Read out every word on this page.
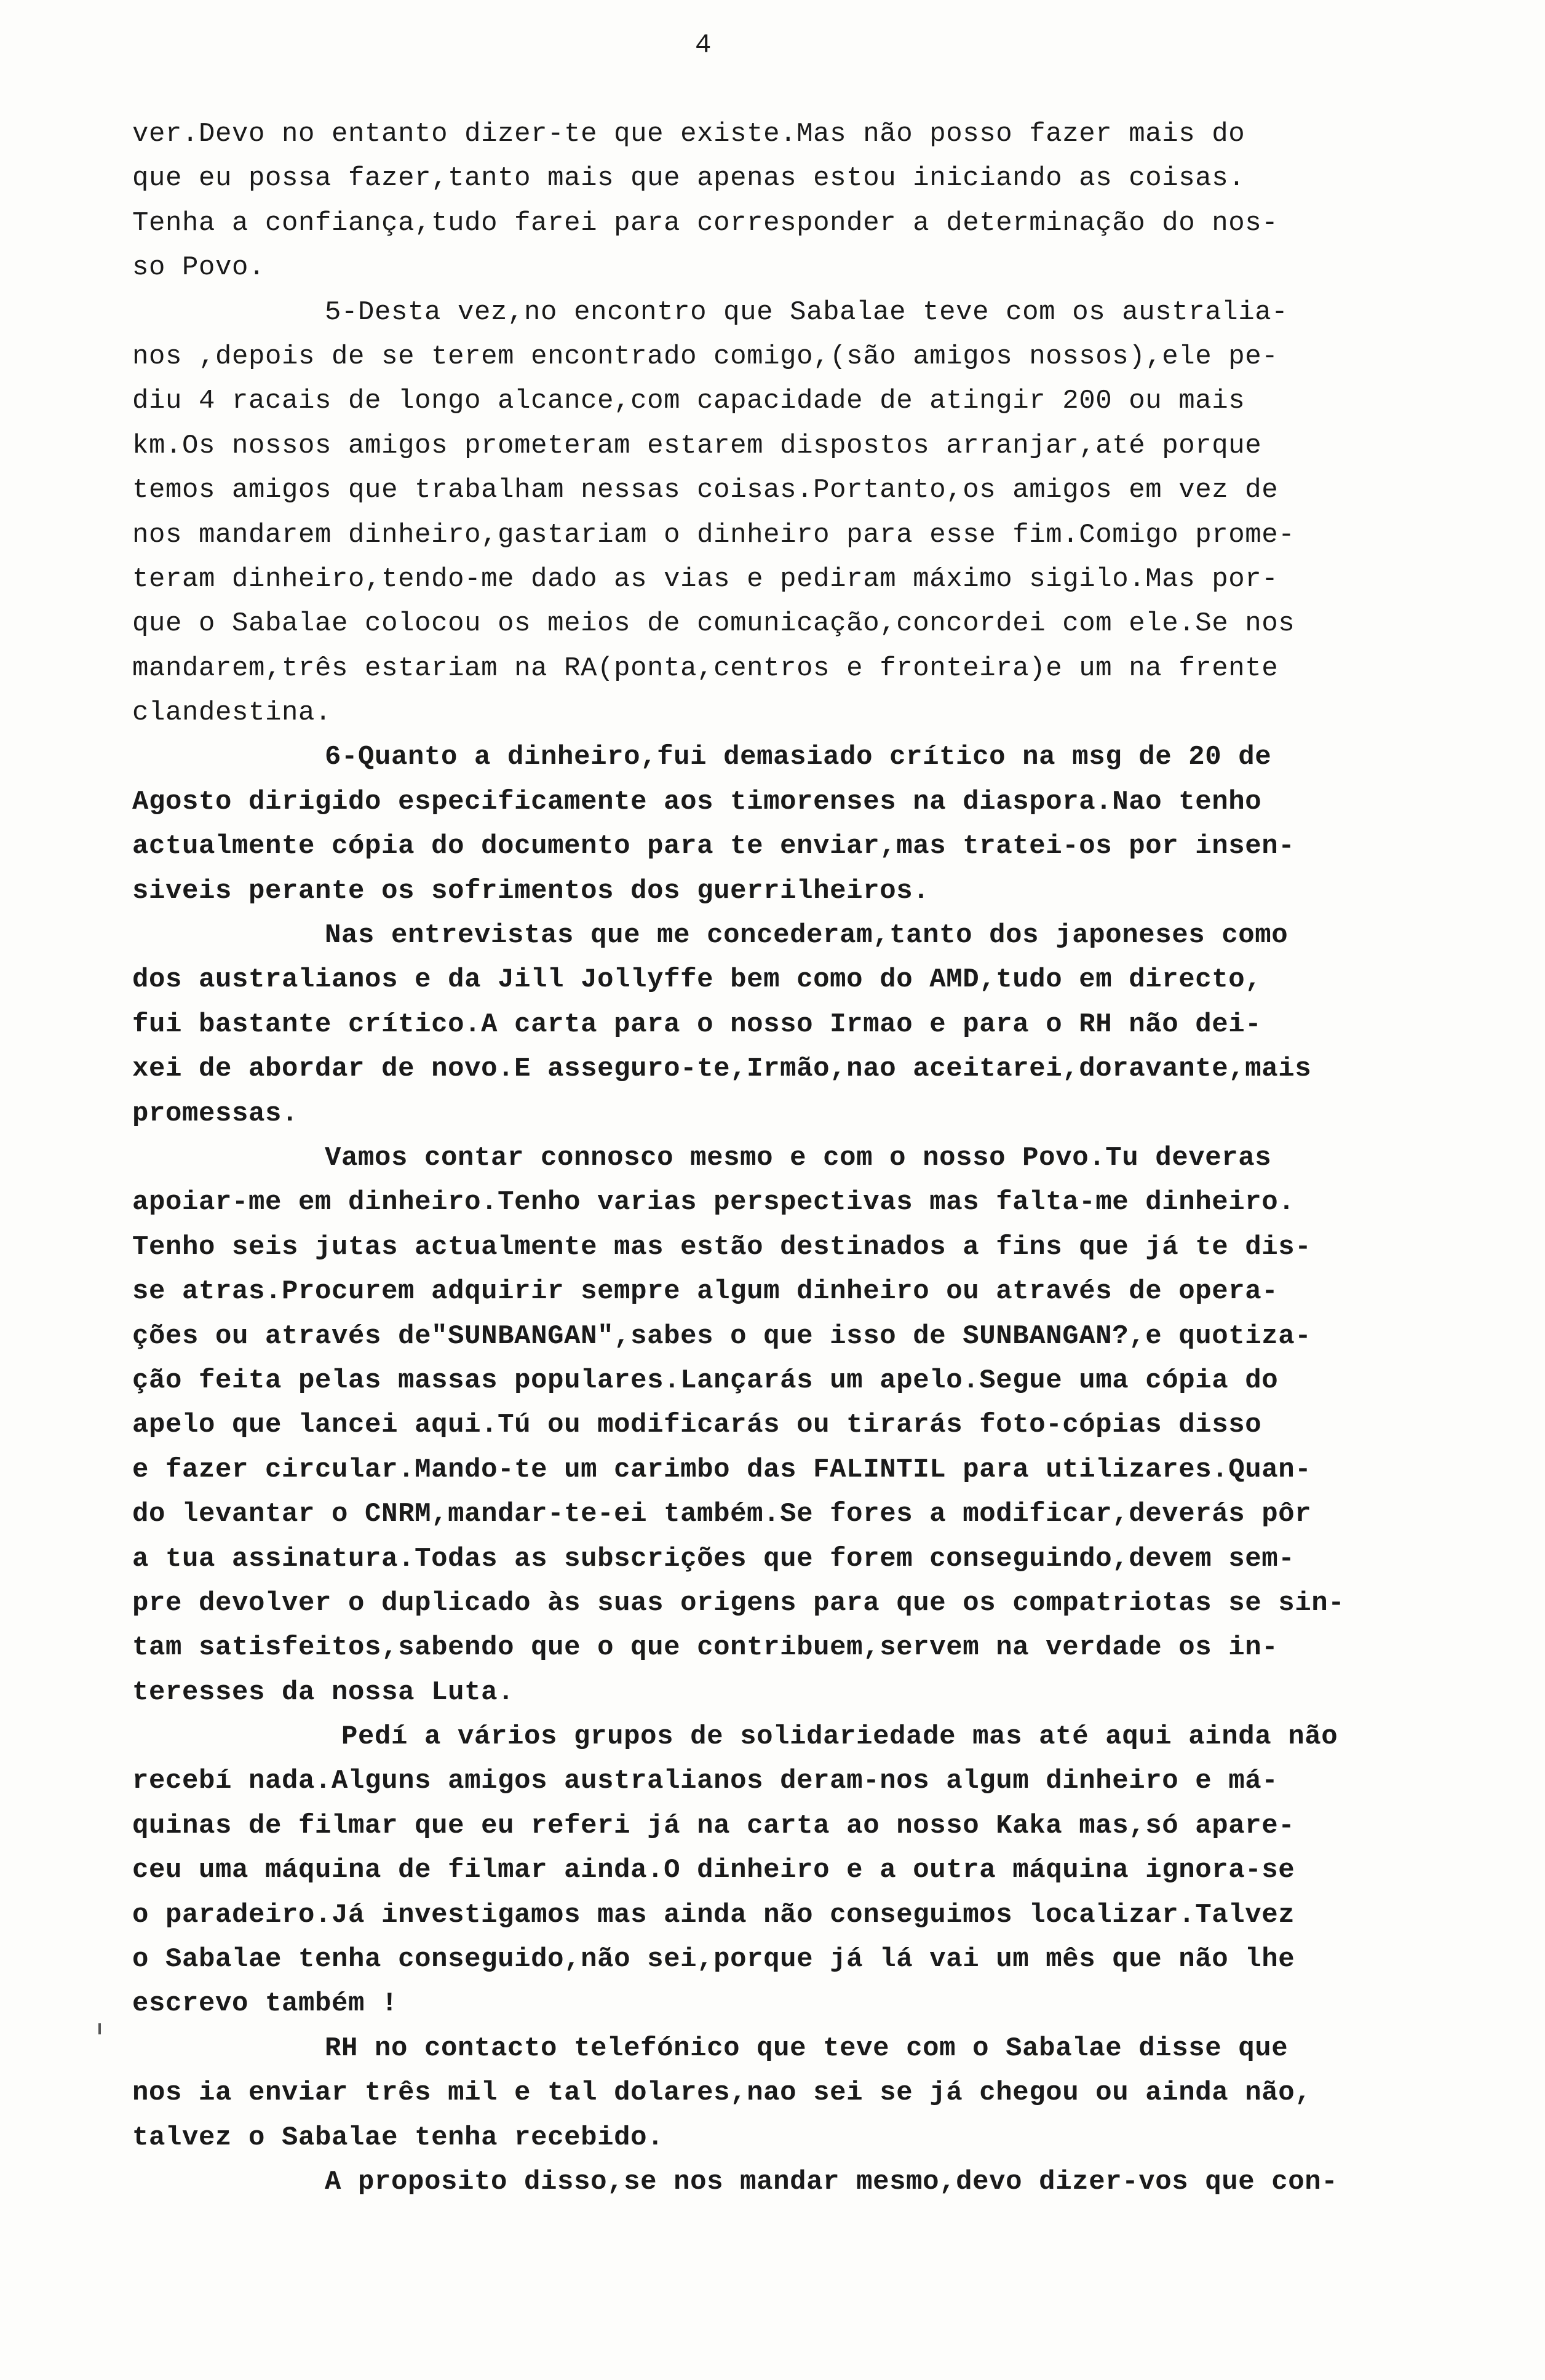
4

ver.Devo no entanto dizer-te que existe.Mas não posso fazer mais do

que eu possa fazer,tanto mais que apenas estou iniciando as coisas.

Tenha a confiança,tudo farei para corresponder a determinação do nos-

so Povo.

5-Desta vez,no encontro que Sabalae teve com os australia-

nos ,depois de se terem encontrado comigo,(são amigos nossos),ele pe-

diu 4 racais de longo alcance,com capacidade de atingir 200 ou mais

km.Os nossos amigos prometeram estarem dispostos arranjar,até porque

temos amigos que trabalham nessas coisas.Portanto,os amigos em vez de

nos mandarem dinheiro,gastariam o dinheiro para esse fim.Comigo prome-

teram dinheiro,tendo-me dado as vias e pediram máximo sigilo.Mas por-

que o Sabalae colocou os meios de comunicação,concordei com ele.Se nos

mandarem,três estariam na RA(ponta,centros e fronteira)e um na frente

clandestina.

6-Quanto a dinheiro,fui demasiado crítico na msg de 20 de

Agosto dirigido especificamente aos timorenses na diaspora.Nao tenho

actualmente cópia do documento para te enviar,mas tratei-os por insen-

siveis perante os sofrimentos dos guerrilheiros.

Nas entrevistas que me concederam,tanto dos japoneses como

dos australianos e da Jill Jollyffe bem como do AMD,tudo em directo,

fui bastante crítico.A carta para o nosso Irmao e para o RH não dei-

xei de abordar de novo.E asseguro-te,Irmão,nao aceitarei,doravante,mais

promessas.

Vamos contar connosco mesmo e com o nosso Povo.Tu deveras

apoiar-me em dinheiro.Tenho varias perspectivas mas falta-me dinheiro.

Tenho seis jutas actualmente mas estão destinados a fins que já te dis-

se atras.Procurem adquirir sempre algum dinheiro ou através de opera-

ções ou através de"SUNBANGAN",sabes o que isso de SUNBANGAN?,e quotiza-

ção feita pelas massas populares.Lançarás um apelo.Segue uma cópia do

apelo que lancei aqui.Tú ou modificarás ou tirarás foto-cópias disso

e fazer circular.Mando-te um carimbo das FALINTIL para utilizares.Quan-

do levantar o CNRM,mandar-te-ei também.Se fores a modificar,deverás pôr

a tua assinatura.Todas as subscrições que forem conseguindo,devem sem-

pre devolver o duplicado às suas origens para que os compatriotas se sin-

tam satisfeitos,sabendo que o que contribuem,servem na verdade os in-

teresses da nossa Luta.

Pedí a vários grupos de solidariedade mas até aqui ainda não

recebí nada.Alguns amigos australianos deram-nos algum dinheiro e má-

quinas de filmar que eu referi já na carta ao nosso Kaka mas,só apare-

ceu uma máquina de filmar ainda.O dinheiro e a outra máquina ignora-se

o paradeiro.Já investigamos mas ainda não conseguimos localizar.Talvez

o Sabalae tenha conseguido,não sei,porque já lá vai um mês que não lhe

escrevo também !

RH no contacto telefónico que teve com o Sabalae disse que

nos ia enviar três mil e tal dolares,nao sei se já chegou ou ainda não,

talvez o Sabalae tenha recebido.

A proposito disso,se nos mandar mesmo,devo dizer-vos que con-
